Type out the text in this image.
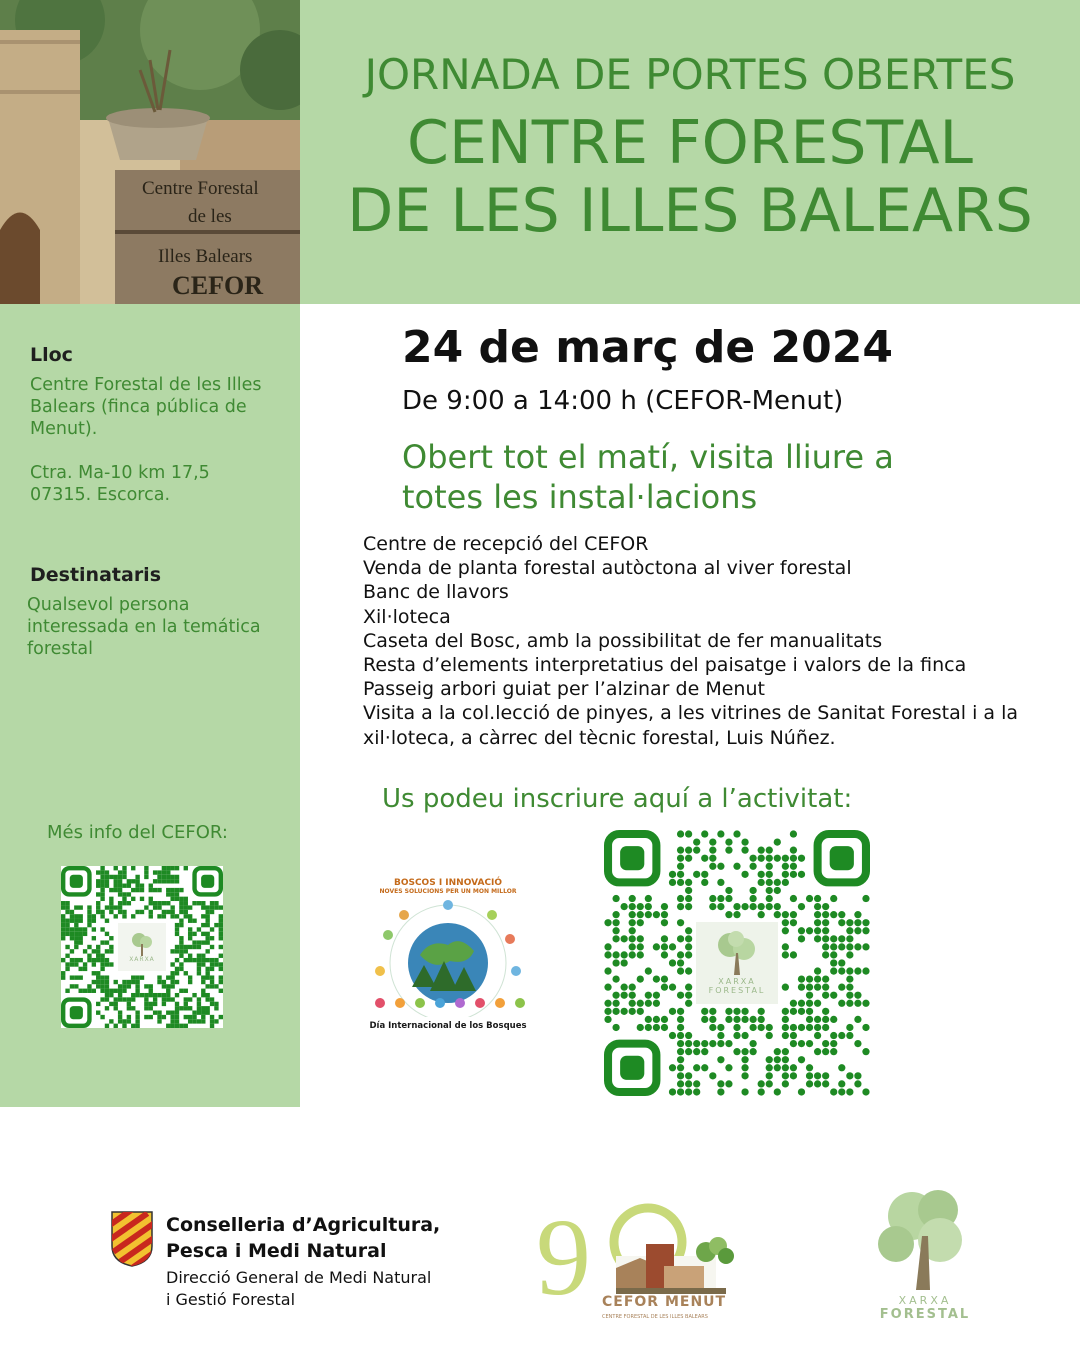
Centre Forestal
de les
Illes Balears
CEFOR
JORNADA DE PORTES OBERTES
CENTRE FORESTAL
DE LES ILLES BALEARS
Lloc
Centre Forestal de les Illes Balears (finca pública de Menut).
Ctra. Ma-10 km 17,5
07315. Escorca.
Destinataris
Qualsevol persona interessada en la temática forestal
Més info del CEFOR:
XARXA
24 de març de 2024
De 9:00 a 14:00 h (CEFOR-Menut)
Obert tot el matí, visita lliure a
totes les instal·lacions
Centre de recepció del CEFOR
Venda de planta forestal autòctona al viver forestal
Banc de llavors
Xil·loteca
Caseta del Bosc, amb la possibilitat de fer manualitats
Resta d’elements interpretatius del paisatge i valors de la finca
Passeig arbori guiat per l’alzinar de Menut
Visita a la col.lecció de pinyes, a les vitrines de Sanitat Forestal i a la xil·loteca, a càrrec del tècnic forestal, Luis Núñez.
Us podeu inscriure aquí a l’activitat:
BOSCOS I INNOVACIÓ
NOVES SOLUCIONS PER UN MON MILLOR
Día Internacional de los Bosques
XARXA FORESTAL
Conselleria d’Agricultura,
Pesca i Medi Natural
Direcció General de Medi Natural
i Gestió Forestal 9 CEFOR MENUT
CENTRE FORESTAL DE LES ILLES BALEARS
XARXA
FORESTAL
